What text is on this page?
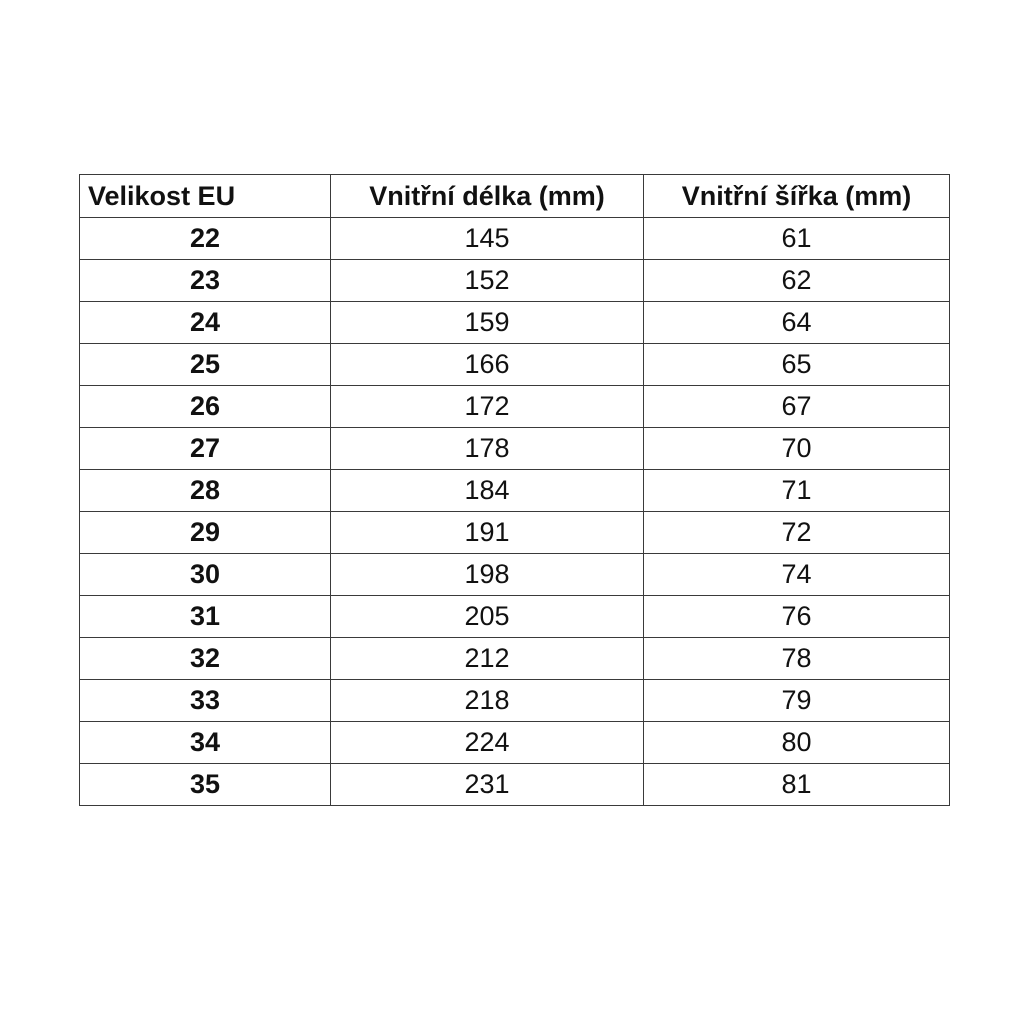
Velikost EU	Vnitřní délka (mm)	Vnitřní šířka (mm)
22	145	61
23	152	62
24	159	64
25	166	65
26	172	67
27	178	70
28	184	71
29	191	72
30	198	74
31	205	76
32	212	78
33	218	79
34	224	80
35	231	81
